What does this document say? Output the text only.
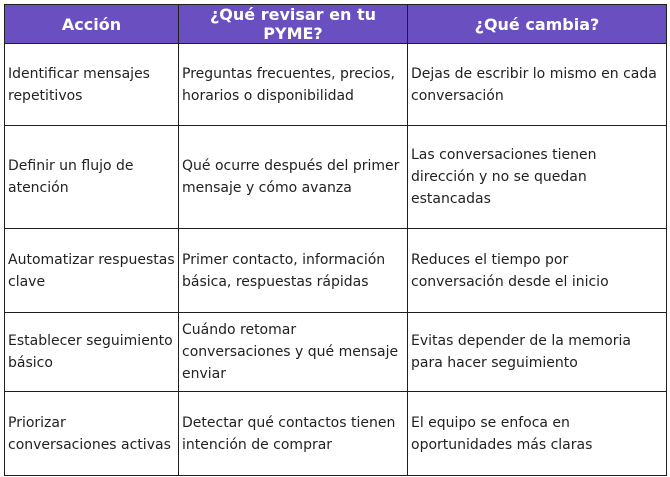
Acción	¿Qué revisar en tu PYME?	¿Qué cambia?
Identificar mensajes repetitivos	Preguntas frecuentes, precios, horarios o disponibilidad	Dejas de escribir lo mismo en cada conversación
Definir un flujo de atención	Qué ocurre después del primer mensaje y cómo avanza	Las conversaciones tienen dirección y no se quedan estancadas
Automatizar respuestas clave	Primer contacto, información básica, respuestas rápidas	Reduces el tiempo por conversación desde el inicio
Establecer seguimiento básico	Cuándo retomar conversaciones y qué mensaje enviar	Evitas depender de la memoria para hacer seguimiento
Priorizar conversaciones activas	Detectar qué contactos tienen intención de comprar	El equipo se enfoca en oportunidades más claras
